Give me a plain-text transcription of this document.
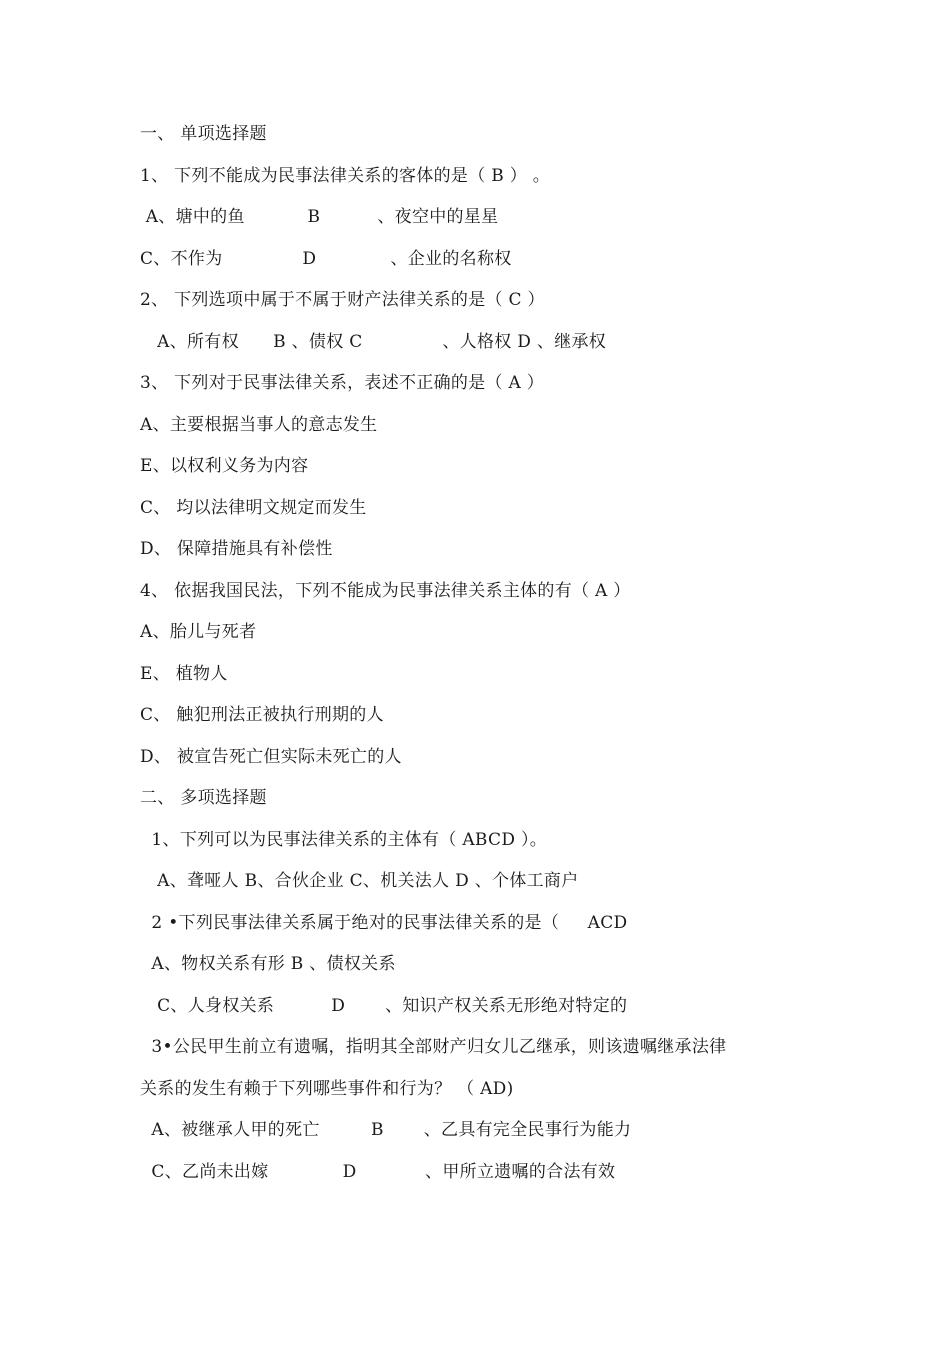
一、 单项选择题

1、 下列不能成为民事法律关系的客体的是（ B ） 。

A、塘中的鱼           B          、夜空中的星星

C、不作为              D             、企业的名称权

2、 下列选项中属于不属于财产法律关系的是（ C ）

A、所有权      B 、债权 C              、人格权 D 、继承权

3、 下列对于民事法律关系，表述不正确的是（ A ）

A、主要根据当事人的意志发生

E、以权利义务为内容

C、 均以法律明文规定而发生

D、 保障措施具有补偿性

4、 依据我国民法，下列不能成为民事法律关系主体的有（ A ）

A、胎儿与死者

E、 植物人

C、 触犯刑法正被执行刑期的人

D、 被宣告死亡但实际未死亡的人

二、 多项选择题

1、下列可以为民事法律关系的主体有（ ABCD ）。

A、聋哑人 B、合伙企业 C、机关法人 D 、个体工商户

2 •下列民事法律关系属于绝对的民事法律关系的是（     ACD

A、物权关系有形 B 、债权关系

C、人身权关系          D       、知识产权关系无形绝对特定的

3•公民甲生前立有遗嘱，指明其全部财产归女儿乙继承，则该遗嘱继承法律

关系的发生有赖于下列哪些事件和行为？ （ AD)

A、被继承人甲的死亡         B       、乙具有完全民事行为能力

C、乙尚未出嫁             D            、甲所立遗嘱的合法有效
